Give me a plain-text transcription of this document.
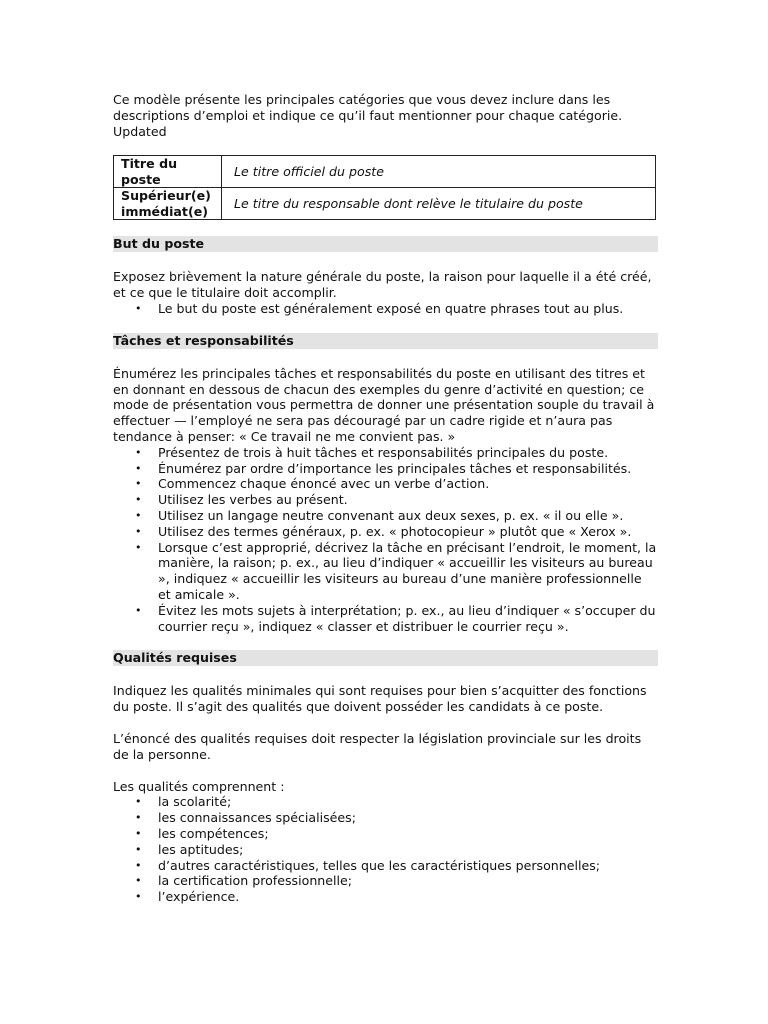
Ce modèle présente les principales catégories que vous devez inclure dans les descriptions d’emploi et indique ce qu’il faut mentionner pour chaque catégorie. Updated

Titre du poste	Le titre officiel du poste
Supérieur(e) immédiat(e)	Le titre du responsable dont relève le titulaire du poste
But du poste

Exposez brièvement la nature générale du poste, la raison pour laquelle il a été créé, et ce que le titulaire doit accomplir.

• Le but du poste est généralement exposé en quatre phrases tout au plus.
Tâches et responsabilités

Énumérez les principales tâches et responsabilités du poste en utilisant des titres et en donnant en dessous de chacun des exemples du genre d’activité en question; ce mode de présentation vous permettra de donner une présentation souple du travail à effectuer — l’employé ne sera pas découragé par un cadre rigide et n’aura pas tendance à penser: « Ce travail ne me convient pas. »

• Présentez de trois à huit tâches et responsabilités principales du poste.
• Énumérez par ordre d’importance les principales tâches et responsabilités.
• Commencez chaque énoncé avec un verbe d’action.
• Utilisez les verbes au présent.
• Utilisez un langage neutre convenant aux deux sexes, p. ex. « il ou elle ».
• Utilisez des termes généraux, p. ex. « photocopieur » plutôt que « Xerox ».
• Lorsque c’est approprié, décrivez la tâche en précisant l’endroit, le moment, la manière, la raison; p. ex., au lieu d’indiquer « accueillir les visiteurs au bureau », indiquez « accueillir les visiteurs au bureau d’une manière professionnelle et amicale ».
• Évitez les mots sujets à interprétation; p. ex., au lieu d’indiquer « s’occuper du courrier reçu », indiquez « classer et distribuer le courrier reçu ».
Qualités requises

Indiquez les qualités minimales qui sont requises pour bien s’acquitter des fonctions du poste. Il s’agit des qualités que doivent posséder les candidats à ce poste.

L’énoncé des qualités requises doit respecter la législation provinciale sur les droits de la personne.

Les qualités comprennent :

• la scolarité;
• les connaissances spécialisées;
• les compétences;
• les aptitudes;
• d’autres caractéristiques, telles que les caractéristiques personnelles;
• la certification professionnelle;
• l’expérience.
